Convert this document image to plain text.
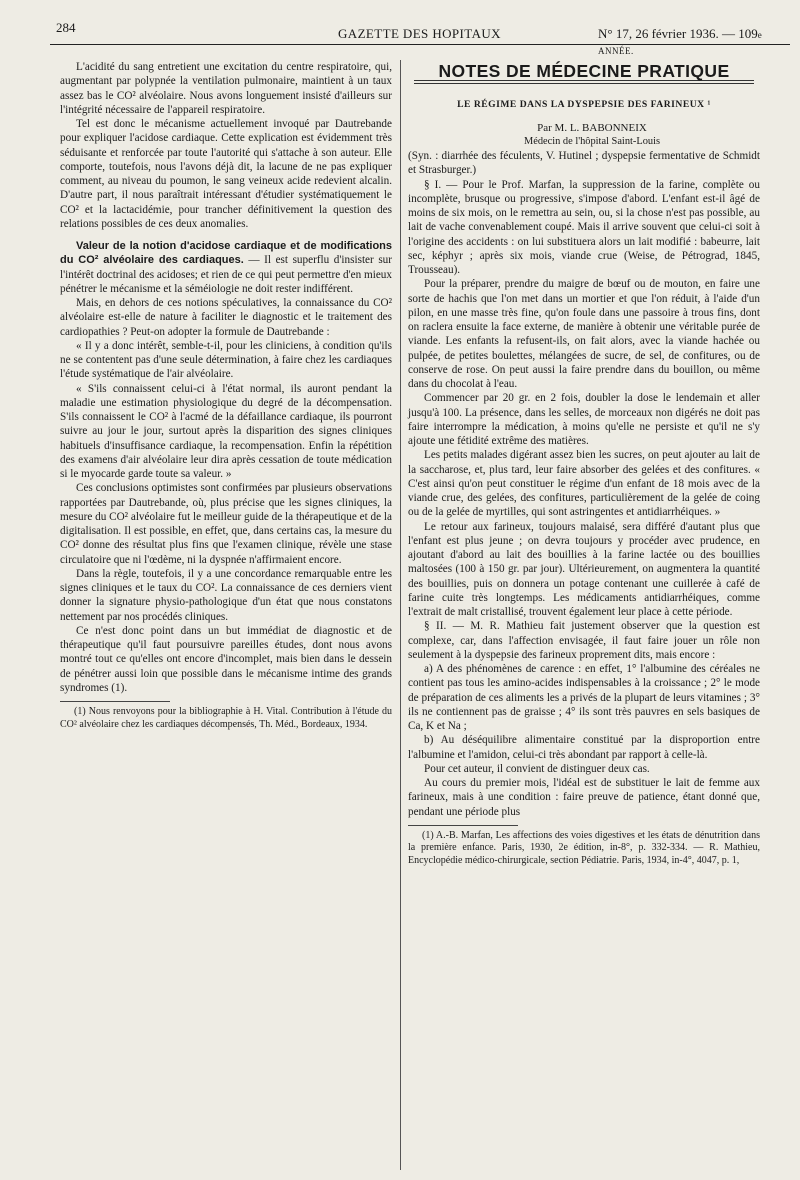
284	GAZETTE DES HOPITAUX	N° 17, 26 février 1936. — 109e ANNÉE.

L'acidité du sang entretient une excitation du centre respiratoire, qui, augmentant par polypnée la ventilation pulmonaire, maintient à un taux assez bas le CO² alvéolaire. Nous avons longuement insisté d'ailleurs sur l'intégrité nécessaire de l'appareil respiratoire.

Tel est donc le mécanisme actuellement invoqué par Dautrebande pour expliquer l'acidose cardiaque. Cette explication est évidemment très séduisante et renforcée par toute l'autorité qui s'attache à son auteur. Elle comporte, toutefois, nous l'avons déjà dit, la lacune de ne pas expliquer comment, au niveau du poumon, le sang veineux acide redevient alcalin. D'autre part, il nous paraîtrait intéressant d'étudier systématiquement le CO² et la lactacidémie, pour trancher définitivement la question des relations possibles de ces deux anomalies.

Valeur de la notion d'acidose cardiaque et de modifications du CO² alvéolaire des cardiaques. — Il est superflu d'insister sur l'intérêt doctrinal des acidoses; et rien de ce qui peut permettre d'en mieux pénétrer le mécanisme et la séméiologie ne doit rester indifférent.

Mais, en dehors de ces notions spéculatives, la connaissance du CO² alvéolaire est-elle de nature à faciliter le diagnostic et le traitement des cardiopathies ? Peut-on adopter la formule de Dautrebande :

« Il y a donc intérêt, semble-t-il, pour les cliniciens, à condition qu'ils ne se contentent pas d'une seule détermination, à faire chez les cardiaques l'étude systématique de l'air alvéolaire.

« S'ils connaissent celui-ci à l'état normal, ils auront pendant la maladie une estimation physiologique du degré de la décompensation. S'ils connaissent le CO² à l'acmé de la défaillance cardiaque, ils pourront suivre au jour le jour, surtout après la disparition des signes cliniques habituels d'insuffisance cardiaque, la recompensation. Enfin la répétition des examens d'air alvéolaire leur dira après cessation de toute médication si le myocarde garde toute sa valeur. »

Ces conclusions optimistes sont confirmées par plusieurs observations rapportées par Dautrebande, où, plus précise que les signes cliniques, la mesure du CO² alvéolaire fut le meilleur guide de la thérapeutique et de la digitalisation. Il est possible, en effet, que, dans certains cas, la mesure du CO² donne des résultat plus fins que l'examen clinique, révèle une stase circulatoire que ni l'œdème, ni la dyspnée n'affirmaient encore.

Dans la règle, toutefois, il y a une concordance remarquable entre les signes cliniques et le taux du CO². La connaissance de ces derniers vient donner la signature physio-pathologique d'un état que nous constatons nettement par nos procédés cliniques.

Ce n'est donc point dans un but immédiat de diagnostic et de thérapeutique qu'il faut poursuivre pareilles études, dont nous avons montré tout ce qu'elles ont encore d'incomplet, mais bien dans le dessein de pénétrer aussi loin que possible dans le mécanisme intime des grands syndromes (1).

(1) Nous renvoyons pour la bibliographie à H. Vital. Contribution à l'étude du CO² alvéolaire chez les cardiaques décompensés, Th. Méd., Bordeaux, 1934.

NOTES DE MÉDECINE PRATIQUE
LE RÉGIME DANS LA DYSPEPSIE DES FARINEUX ¹

Par M. L. BABONNEIX

Médecin de l'hôpital Saint-Louis

(Syn. : diarrhée des féculents, V. Hutinel ; dyspepsie fermentative de Schmidt et Strasburger.)

§ I. — Pour le Prof. Marfan, la suppression de la farine, complète ou incomplète, brusque ou progressive, s'impose d'abord. L'enfant est-il âgé de moins de six mois, on le remettra au sein, ou, si la chose n'est pas possible, au lait de vache convenablement coupé. Mais il arrive souvent que celui-ci soit à l'origine des accidents : on lui substituera alors un lait modifié : babeurre, lait sec, képhyr ; après six mois, viande crue (Weise, de Pétrograd, 1845, Trousseau).

Pour la préparer, prendre du maigre de bœuf ou de mouton, en faire une sorte de hachis que l'on met dans un mortier et que l'on réduit, à l'aide d'un pilon, en une masse très fine, qu'on foule dans une passoire à trous fins, dont on raclera ensuite la face externe, de manière à obtenir une véritable purée de viande. Les enfants la refusent-ils, on fait alors, avec la viande hachée ou pulpée, de petites boulettes, mélangées de sucre, de sel, de confitures, ou de conserve de rose. On peut aussi la faire prendre dans du bouillon, ou même dans du chocolat à l'eau.

Commencer par 20 gr. en 2 fois, doubler la dose le lendemain et aller jusqu'à 100. La présence, dans les selles, de morceaux non digérés ne doit pas faire interrompre la médication, à moins qu'elle ne persiste et qu'il ne s'y ajoute une fétidité extrême des matières.

Les petits malades digérant assez bien les sucres, on peut ajouter au lait de la saccharose, et, plus tard, leur faire absorber des gelées et des confitures. « C'est ainsi qu'on peut constituer le régime d'un enfant de 18 mois avec de la viande crue, des gelées, des confitures, particulièrement de la gelée de coing ou de la gelée de myrtilles, qui sont astringentes et antidiarrhéiques. »

Le retour aux farineux, toujours malaisé, sera différé d'autant plus que l'enfant est plus jeune ; on devra toujours y procéder avec prudence, en ajoutant d'abord au lait des bouillies à la farine lactée ou des bouillies maltosées (100 à 150 gr. par jour). Ultérieurement, on augmentera la quantité des bouillies, puis on donnera un potage contenant une cuillerée à café de farine cuite très longtemps. Les médicaments antidiarrhéiques, comme l'extrait de malt cristallisé, trouvent également leur place à cette période.

§ II. — M. R. Mathieu fait justement observer que la question est complexe, car, dans l'affection envisagée, il faut faire jouer un rôle non seulement à la dyspepsie des farineux proprement dits, mais encore :

a) A des phénomènes de carence : en effet, 1° l'albumine des céréales ne contient pas tous les amino-acides indispensables à la croissance ; 2° le mode de préparation de ces aliments les a privés de la plupart de leurs vitamines ; 3° ils ne contiennent pas de graisse ; 4° ils sont très pauvres en sels basiques de Ca, K et Na ;

b) Au déséquilibre alimentaire constitué par la disproportion entre l'albumine et l'amidon, celui-ci très abondant par rapport à celle-là.

Pour cet auteur, il convient de distinguer deux cas.

Au cours du premier mois, l'idéal est de substituer le lait de femme aux farineux, mais à une condition : faire preuve de patience, étant donné que, pendant une période plus

(1) A.-B. Marfan, Les affections des voies digestives et les états de dénutrition dans la première enfance. Paris, 1930, 2e édition, in-8°, p. 332-334. — R. Mathieu, Encyclopédie médico-chirurgicale, section Pédiatrie. Paris, 1934, in-4°, 4047, p. 1,
